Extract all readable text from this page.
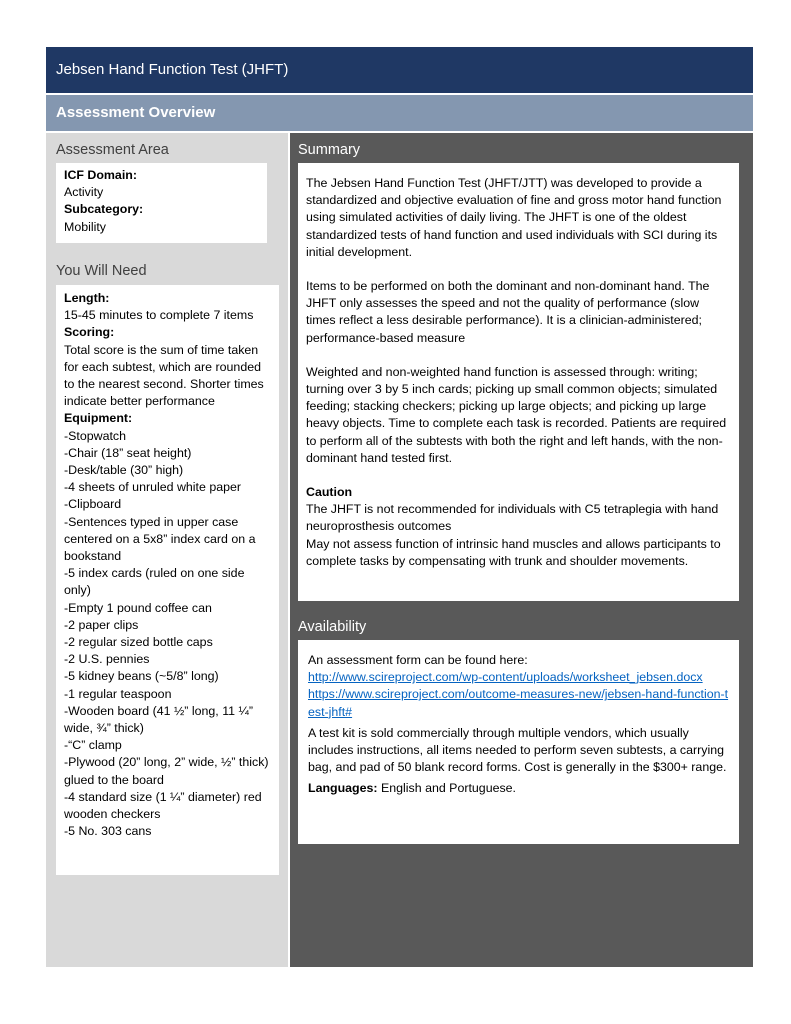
Jebsen Hand Function Test (JHFT)
Assessment Overview
Assessment Area

ICF Domain:

Activity

Subcategory:

Mobility

You Will Need

Length:

15-45 minutes to complete 7 items

Scoring:

Total score is the sum of time taken for each subtest, which are rounded to the nearest second. Shorter times indicate better performance

Equipment:

-Stopwatch

-Chair (18” seat height)

-Desk/table (30” high)

-4 sheets of unruled white paper

-Clipboard

-Sentences typed in upper case centered on a 5x8” index card on a bookstand

-5 index cards (ruled on one side only)

-Empty 1 pound coffee can

-2 paper clips

-2 regular sized bottle caps

-2 U.S. pennies

-5 kidney beans (~5/8” long)

-1 regular teaspoon

-Wooden board (41 ½” long, 11 ¼” wide, ¾” thick)

-“C” clamp

-Plywood (20” long, 2” wide, ½” thick) glued to the board

-4 standard size (1 ¼” diameter) red wooden checkers

-5 No. 303 cans

Summary

The Jebsen Hand Function Test (JHFT/JTT) was developed to provide a standardized and objective evaluation of fine and gross motor hand function using simulated activities of daily living. The JHFT is one of the oldest standardized tests of hand function and used individuals with SCI during its initial development.

Items to be performed on both the dominant and non-dominant hand. The JHFT only assesses the speed and not the quality of performance (slow times reflect a less desirable performance). It is a clinician-administered; performance-based measure

Weighted and non-weighted hand function is assessed through: writing; turning over 3 by 5 inch cards; picking up small common objects; simulated feeding; stacking checkers; picking up large objects; and picking up large heavy objects. Time to complete each task is recorded. Patients are required to perform all of the subtests with both the right and left hands, with the non-dominant hand tested first.

Caution

The JHFT is not recommended for individuals with C5 tetraplegia with hand neuroprosthesis outcomes

May not assess function of intrinsic hand muscles and allows participants to complete tasks by compensating with trunk and shoulder movements.

Availability

An assessment form can be found here:

http://www.scireproject.com/wp-content/uploads/worksheet_jebsen.docx

https://www.scireproject.com/outcome-measures-new/jebsen-hand-function-test-jhft#

A test kit is sold commercially through multiple vendors, which usually includes instructions, all items needed to perform seven subtests, a carrying bag, and pad of 50 blank record forms. Cost is generally in the $300+ range.

Languages: English and Portuguese.
